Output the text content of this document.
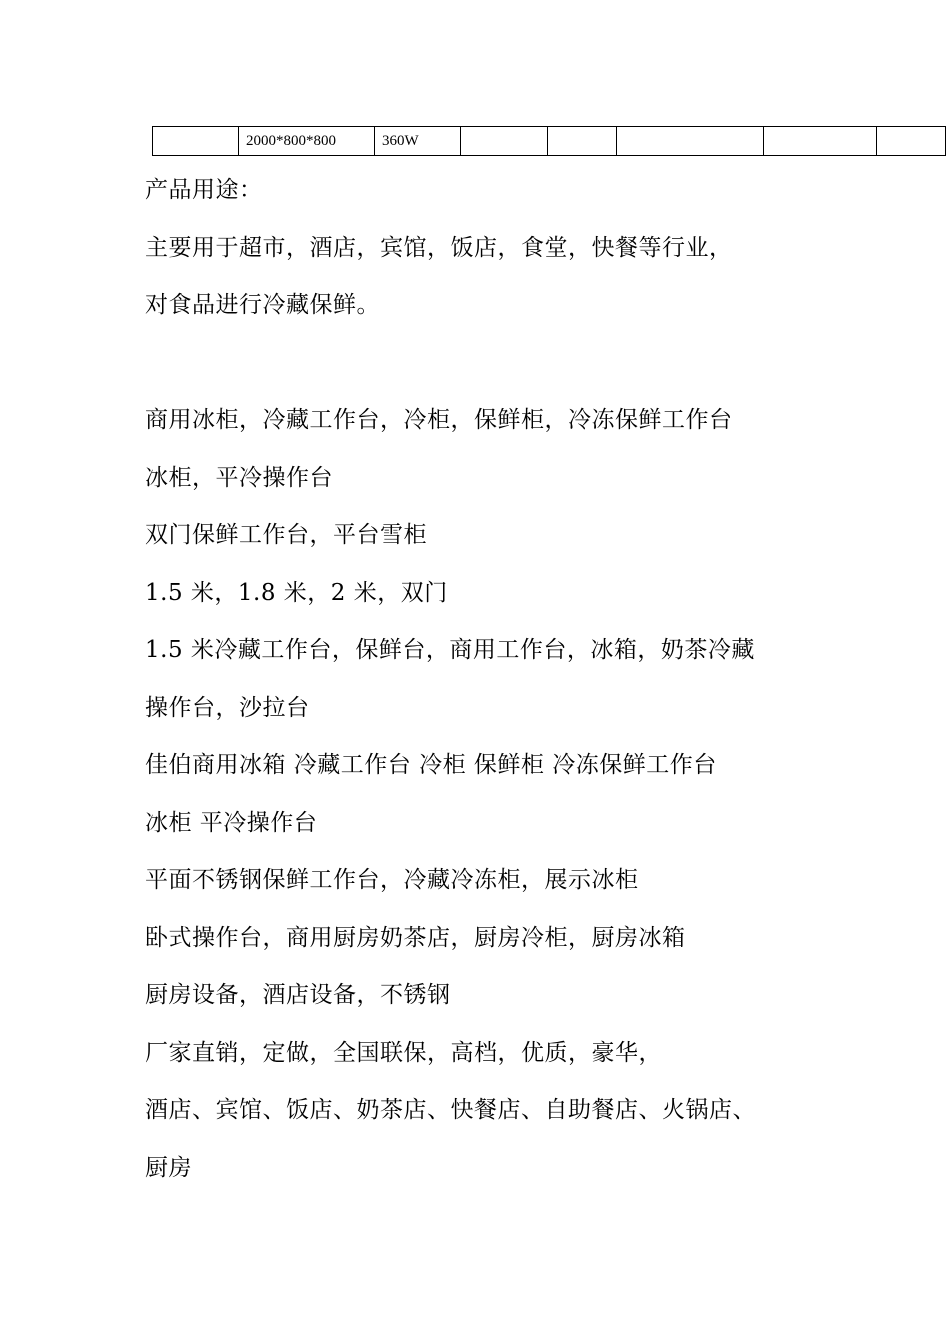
	2000*800*800	360W					
产品用途：
主要用于超市，酒店，宾馆，饭店，食堂，快餐等行业，
对食品进行冷藏保鲜。
商用冰柜，冷藏工作台，冷柜，保鲜柜，冷冻保鲜工作台
冰柜，平冷操作台
双门保鲜工作台，平台雪柜
1.5 米，1.8 米，2 米，双门
1.5 米冷藏工作台，保鲜台，商用工作台，冰箱，奶茶冷藏
操作台，沙拉台
佳伯商用冰箱 冷藏工作台 冷柜 保鲜柜 冷冻保鲜工作台
冰柜 平冷操作台
平面不锈钢保鲜工作台，冷藏冷冻柜，展示冰柜
卧式操作台，商用厨房奶茶店，厨房冷柜，厨房冰箱
厨房设备，酒店设备，不锈钢
厂家直销，定做，全国联保，高档，优质，豪华，
酒店、宾馆、饭店、奶茶店、快餐店、自助餐店、火锅店、
厨房
